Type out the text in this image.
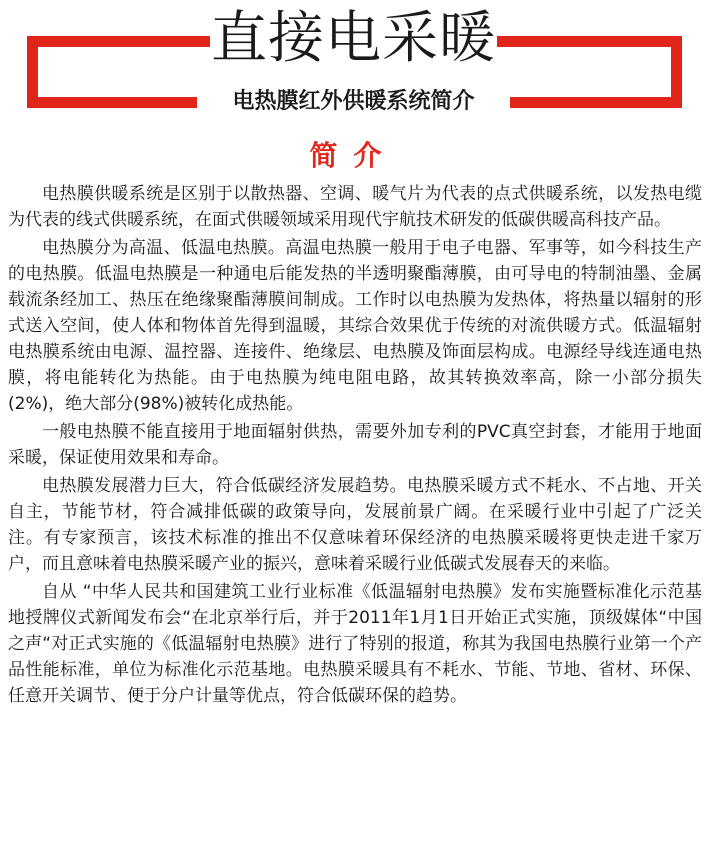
直接电采暖
电热膜红外供暖系统简介
简介

电热膜供暖系统是区别于以散热器、空调、暖气片为代表的点式供暖系统，以发热电缆为代表的线式供暖系统，在面式供暖领域采用现代宇航技术研发的低碳供暖高科技产品。

电热膜分为高温、低温电热膜。高温电热膜一般用于电子电器、军事等，如今科技生产的电热膜。低温电热膜是一种通电后能发热的半透明聚酯薄膜，由可导电的特制油墨、金属载流条经加工、热压在绝缘聚酯薄膜间制成。工作时以电热膜为发热体，将热量以辐射的形式送入空间，使人体和物体首先得到温暖，其综合效果优于传统的对流供暖方式。低温辐射电热膜系统由电源、温控器、连接件、绝缘层、电热膜及饰面层构成。电源经导线连通电热膜，将电能转化为热能。由于电热膜为纯电阻电路，故其转换效率高，除一小部分损失(2%)，绝大部分(98%)被转化成热能。

一般电热膜不能直接用于地面辐射供热，需要外加专利的PVC真空封套，才能用于地面采暖，保证使用效果和寿命。

电热膜发展潜力巨大，符合低碳经济发展趋势。电热膜采暖方式不耗水、不占地、开关自主，节能节材，符合减排低碳的政策导向，发展前景广阔。在采暖行业中引起了广泛关注。有专家预言，该技术标准的推出不仅意味着环保经济的电热膜采暖将更快走进千家万户，而且意味着电热膜采暖产业的振兴，意味着采暖行业低碳式发展春天的来临。

自从 “中华人民共和国建筑工业行业标准《低温辐射电热膜》发布实施暨标准化示范基地授牌仪式新闻发布会“在北京举行后，并于2011年1月1日开始正式实施，顶级媒体“中国之声“对正式实施的《低温辐射电热膜》进行了特别的报道，称其为我国电热膜行业第一个产品性能标准，单位为标准化示范基地。电热膜采暖具有不耗水、节能、节地、省材、环保、任意开关调节、便于分户计量等优点，符合低碳环保的趋势。
